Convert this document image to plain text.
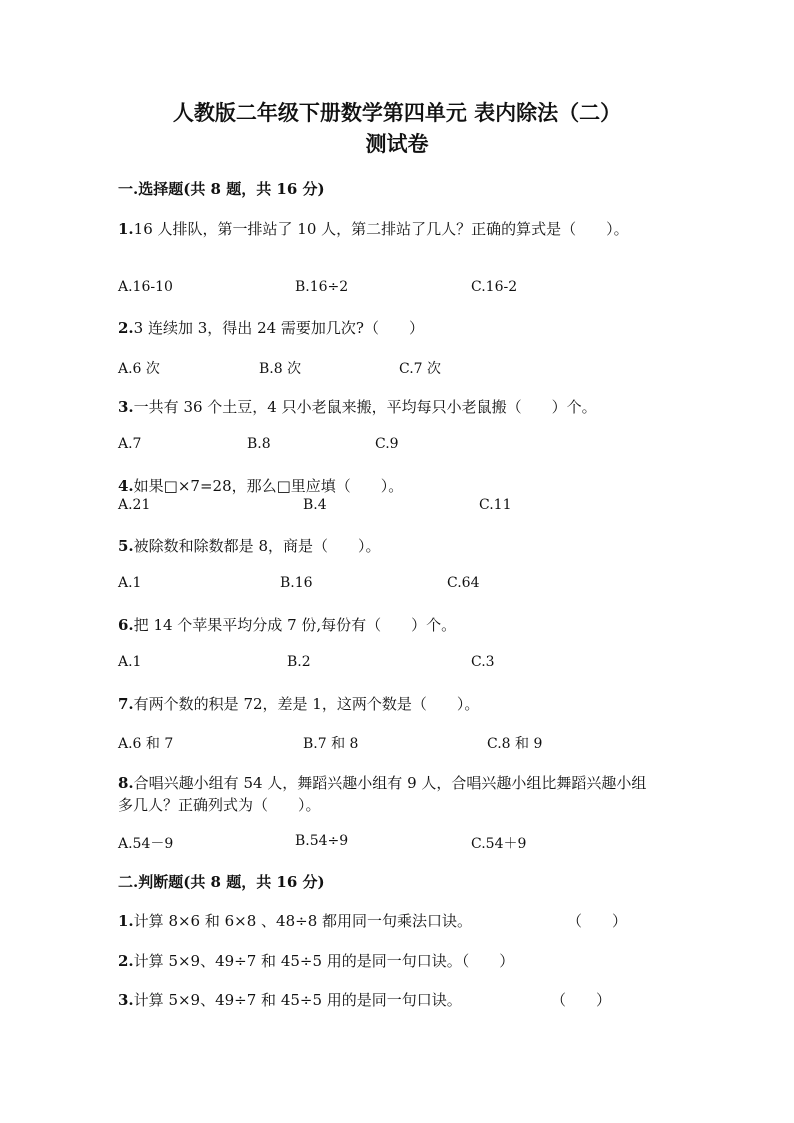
人教版二年级下册数学第四单元 表内除法（二）
测试卷
一.选择题(共 8 题，共 16 分)
1.16 人排队，第一排站了 10 人，第二排站了几人？正确的算式是（　　）。
A.16-10	B.16÷2	C.16-2
2.3 连续加 3，得出 24 需要加几次?（　　）
A.6 次	B.8 次	C.7 次
3.一共有 36 个土豆，4 只小老鼠来搬，平均每只小老鼠搬（　　）个。
A.7	B.8	C.9
4.如果□×7=28，那么□里应填（　　）。
A.21	B.4	C.11
5.被除数和除数都是 8，商是（　　）。
A.1	B.16	C.64
6.把 14 个苹果平均分成 7 份,每份有（　　）个。
A.1	B.2	C.3
7.有两个数的积是 72，差是 1，这两个数是（　　）。
A.6 和 7	B.7 和 8	C.8 和 9
8.合唱兴趣小组有 54 人，舞蹈兴趣小组有 9 人，合唱兴趣小组比舞蹈兴趣小组
多几人？正确列式为（　　）。
A.54－9	B.54÷9	C.54＋9
二.判断题(共 8 题，共 16 分)
1.计算 8×6 和 6×8 、48÷8 都用同一句乘法口诀。	（　　）
2.计算 5×9、49÷7 和 45÷5 用的是同一句口诀。（　　）
3.计算 5×9、49÷7 和 45÷5 用的是同一句口诀。	（　　）
